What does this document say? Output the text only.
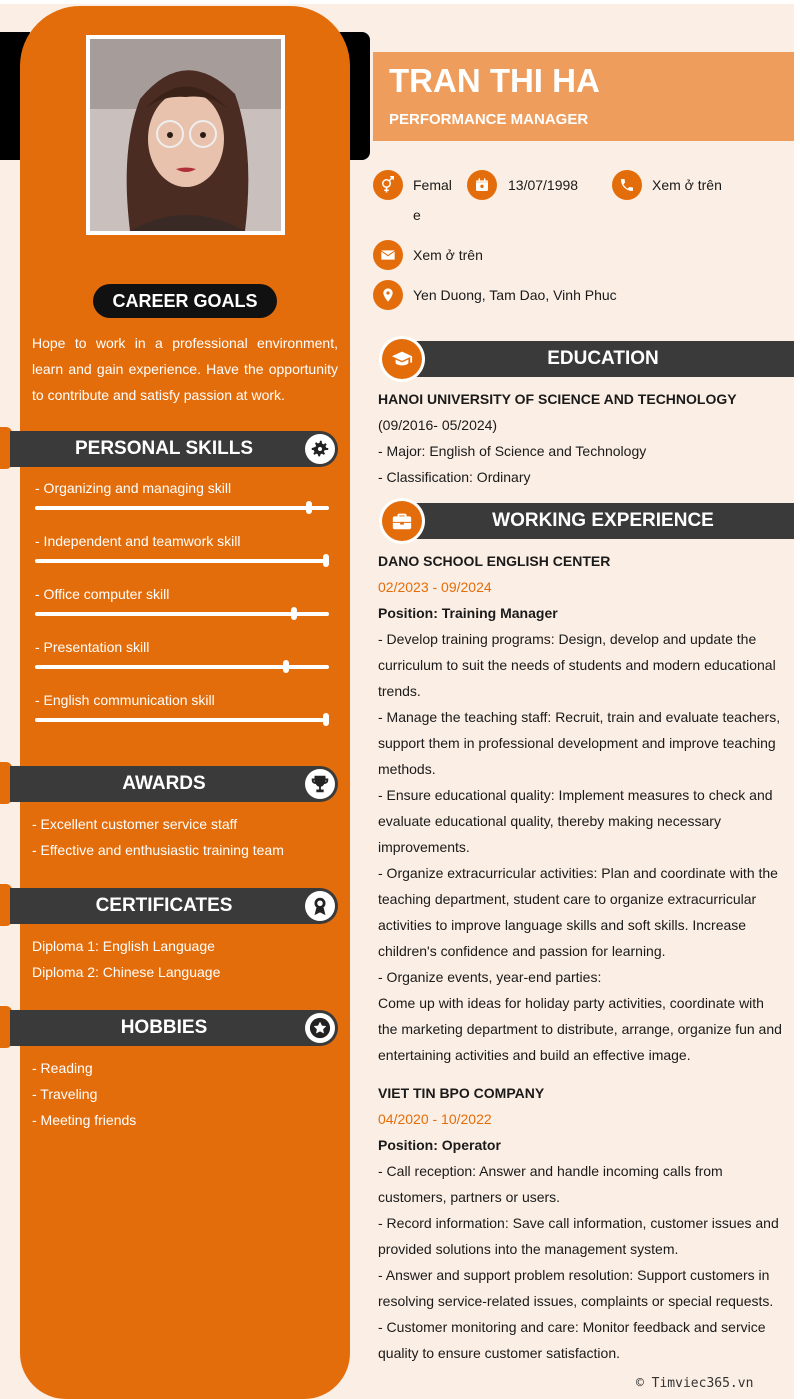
CAREER GOALS
Hope to work in a professional environment, learn and gain experience. Have the opportunity to contribute and satisfy passion at work.
PERSONAL SKILLS
- Organizing and managing skill
- Independent and teamwork skill
- Office computer skill
- Presentation skill
- English communication skill
AWARDS
- Excellent customer service staff
- Effective and enthusiastic training team
CERTIFICATES
Diploma 1: English Language
Diploma 2: Chinese Language
HOBBIES
- Reading
- Traveling
- Meeting friends
TRAN THI HA
PERFORMANCE MANAGER
Femal
e
13/07/1998	Xem ở trên
Xem ở trên
Yen Duong, Tam Dao, Vinh Phuc
EDUCATION
HANOI UNIVERSITY OF SCIENCE AND TECHNOLOGY
(09/2016- 05/2024)
- Major: English of Science and Technology
- Classification: Ordinary
WORKING EXPERIENCE
DANO SCHOOL ENGLISH CENTER
02/2023 - 09/2024
Position: Training Manager
- Develop training programs: Design, develop and update the curriculum to suit the needs of students and modern educational trends.
- Manage the teaching staff: Recruit, train and evaluate teachers, support them in professional development and improve teaching methods.
- Ensure educational quality: Implement measures to check and evaluate educational quality, thereby making necessary improvements.
- Organize extracurricular activities: Plan and coordinate with the teaching department, student care to organize extracurricular activities to improve language skills and soft skills. Increase children's confidence and passion for learning.
- Organize events, year-end parties:
Come up with ideas for holiday party activities, coordinate with the marketing department to distribute, arrange, organize fun and entertaining activities and build an effective image.
VIET TIN BPO COMPANY
04/2020 - 10/2022
Position: Operator
- Call reception: Answer and handle incoming calls from customers, partners or users.
- Record information: Save call information, customer issues and provided solutions into the management system.
- Answer and support problem resolution: Support customers in resolving service-related issues, complaints or special requests.
- Customer monitoring and care: Monitor feedback and service quality to ensure customer satisfaction.
© Timviec365.vn
